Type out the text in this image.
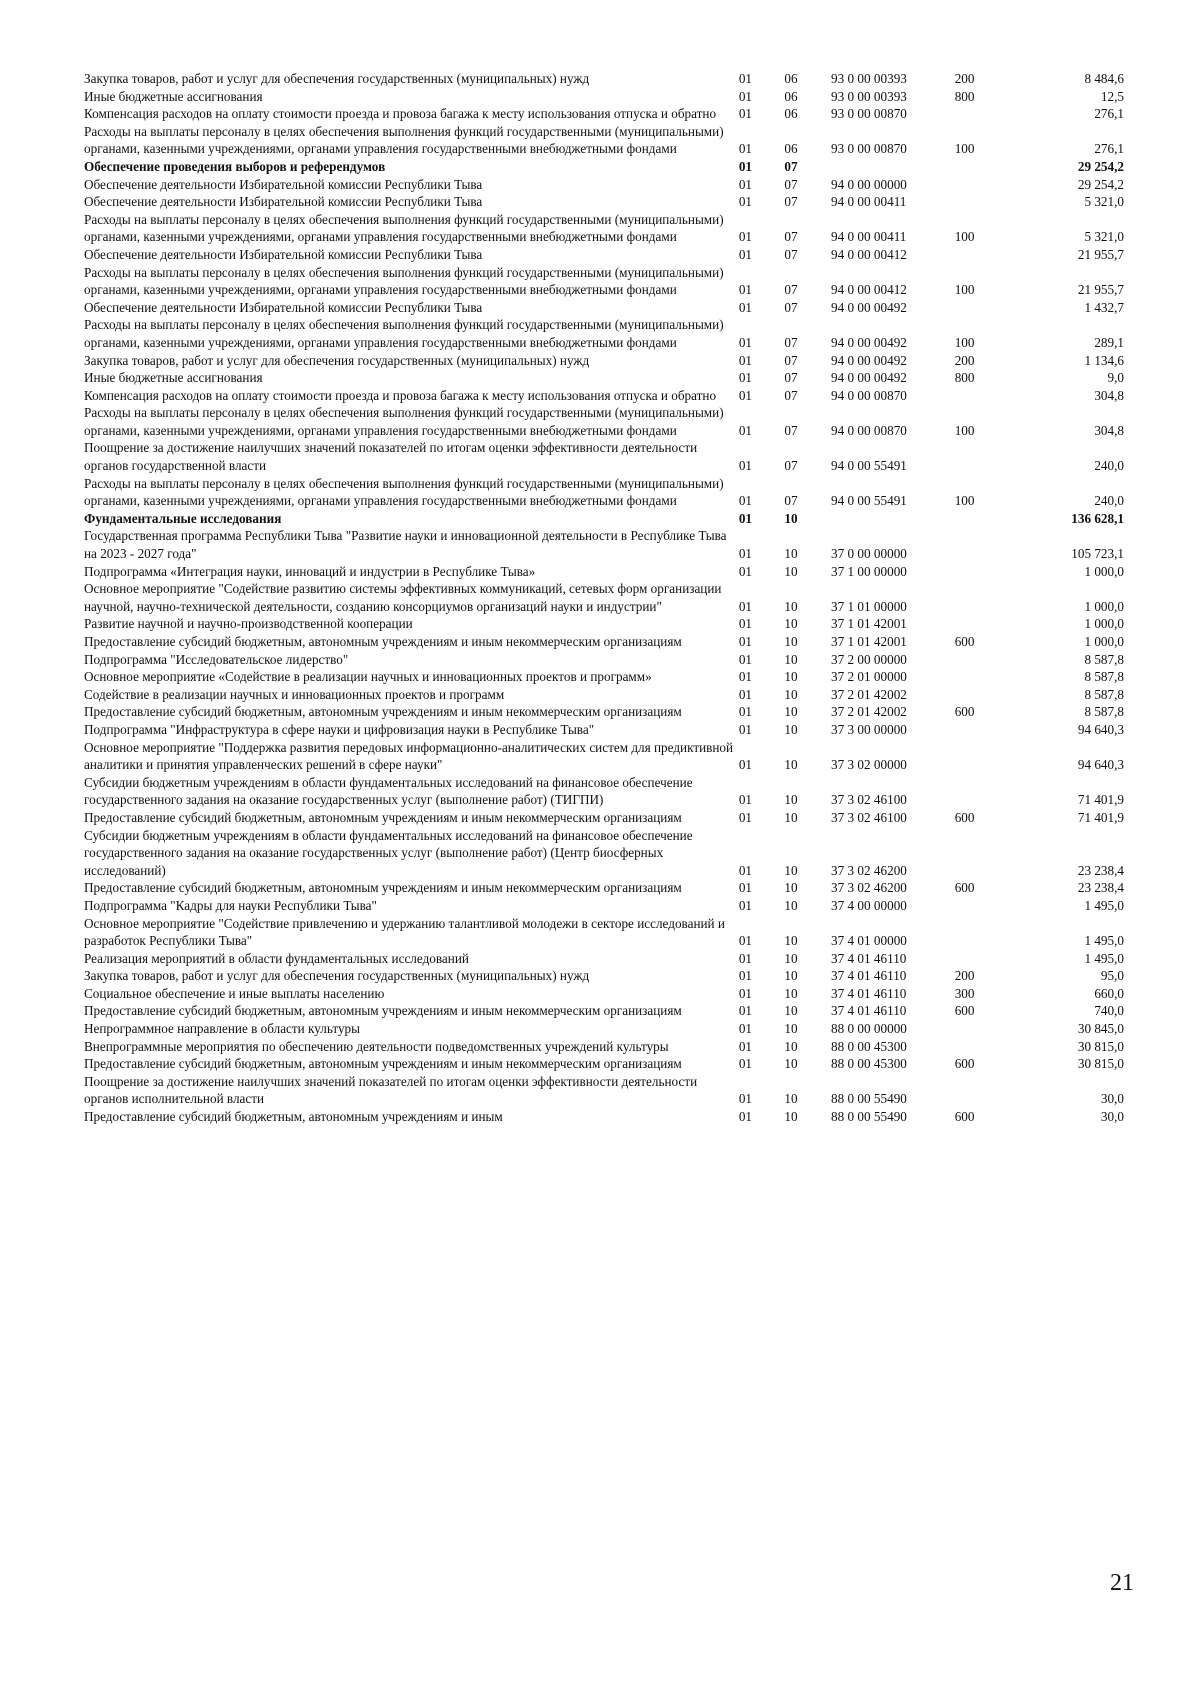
Закупка товаров, работ и услуг для обеспечения государственных (муниципальных) нужд	01	06	93 0 00 00393	200	8 484,6
Иные бюджетные ассигнования	01	06	93 0 00 00393	800	12,5
Компенсация расходов на оплату стоимости проезда и провоза багажа к месту использования отпуска и обратно	01	06	93 0 00 00870		276,1
Расходы на выплаты персоналу в целях обеспечения выполнения функций государственными (муниципальными) органами, казенными учреждениями, органами управления государственными внебюджетными фондами	01	06	93 0 00 00870	100	276,1
Обеспечение проведения выборов и референдумов	01	07			29 254,2
Обеспечение деятельности Избирательной комиссии Республики Тыва	01	07	94 0 00 00000		29 254,2
Обеспечение деятельности Избирательной комиссии Республики Тыва	01	07	94 0 00 00411		5 321,0
Расходы на выплаты персоналу в целях обеспечения выполнения функций государственными (муниципальными) органами, казенными учреждениями, органами управления государственными внебюджетными фондами	01	07	94 0 00 00411	100	5 321,0
Обеспечение деятельности Избирательной комиссии Республики Тыва	01	07	94 0 00 00412		21 955,7
Расходы на выплаты персоналу в целях обеспечения выполнения функций государственными (муниципальными) органами, казенными учреждениями, органами управления государственными внебюджетными фондами	01	07	94 0 00 00412	100	21 955,7
Обеспечение деятельности Избирательной комиссии Республики Тыва	01	07	94 0 00 00492		1 432,7
Расходы на выплаты персоналу в целях обеспечения выполнения функций государственными (муниципальными) органами, казенными учреждениями, органами управления государственными внебюджетными фондами	01	07	94 0 00 00492	100	289,1
Закупка товаров, работ и услуг для обеспечения государственных (муниципальных) нужд	01	07	94 0 00 00492	200	1 134,6
Иные бюджетные ассигнования	01	07	94 0 00 00492	800	9,0
Компенсация расходов на оплату стоимости проезда и провоза багажа к месту использования отпуска и обратно	01	07	94 0 00 00870		304,8
Расходы на выплаты персоналу в целях обеспечения выполнения функций государственными (муниципальными) органами, казенными учреждениями, органами управления государственными внебюджетными фондами	01	07	94 0 00 00870	100	304,8
Поощрение за достижение наилучших значений показателей по итогам оценки эффективности деятельности органов государственной власти	01	07	94 0 00 55491		240,0
Расходы на выплаты персоналу в целях обеспечения выполнения функций государственными (муниципальными) органами, казенными учреждениями, органами управления государственными внебюджетными фондами	01	07	94 0 00 55491	100	240,0
Фундаментальные исследования	01	10			136 628,1
Государственная программа Республики Тыва "Развитие науки и инновационной деятельности в Республике Тыва на 2023 - 2027 года"	01	10	37 0 00 00000		105 723,1
Подпрограмма «Интеграция науки, инноваций и индустрии в Республике Тыва»	01	10	37 1 00 00000		1 000,0
Основное мероприятие "Содействие развитию системы эффективных коммуникаций, сетевых форм организации научной, научно-технической деятельности, созданию консорциумов организаций науки и индустрии"	01	10	37 1 01 00000		1 000,0
Развитие научной и научно-производственной кооперации	01	10	37 1 01 42001		1 000,0
Предоставление субсидий бюджетным, автономным учреждениям и иным некоммерческим организациям	01	10	37 1 01 42001	600	1 000,0
Подпрограмма "Исследовательское лидерство"	01	10	37 2 00 00000		8 587,8
Основное мероприятие «Содействие в реализации научных и инновационных проектов и программ»	01	10	37 2 01 00000		8 587,8
Содействие в реализации научных и инновационных проектов и программ	01	10	37 2 01 42002		8 587,8
Предоставление субсидий бюджетным, автономным учреждениям и иным некоммерческим организациям	01	10	37 2 01 42002	600	8 587,8
Подпрограмма "Инфраструктура в сфере науки и цифровизация науки в Республике Тыва"	01	10	37 3 00 00000		94 640,3
Основное мероприятие "Поддержка развития передовых информационно-аналитических систем для предиктивной аналитики и принятия управленческих решений в сфере науки"	01	10	37 3 02 00000		94 640,3
Субсидии бюджетным учреждениям в области фундаментальных исследований на финансовое обеспечение государственного задания на оказание государственных услуг (выполнение работ) (ТИГПИ)	01	10	37 3 02 46100		71 401,9
Предоставление субсидий бюджетным, автономным учреждениям и иным некоммерческим организациям	01	10	37 3 02 46100	600	71 401,9
Субсидии бюджетным учреждениям в области фундаментальных исследований на финансовое обеспечение государственного задания на оказание государственных услуг (выполнение работ) (Центр биосферных исследований)	01	10	37 3 02 46200		23 238,4
Предоставление субсидий бюджетным, автономным учреждениям и иным некоммерческим организациям	01	10	37 3 02 46200	600	23 238,4
Подпрограмма "Кадры для науки Республики Тыва"	01	10	37 4 00 00000		1 495,0
Основное мероприятие "Содействие привлечению и удержанию талантливой молодежи в секторе исследований и разработок Республики Тыва"	01	10	37 4 01 00000		1 495,0
Реализация мероприятий в области фундаментальных исследований	01	10	37 4 01 46110		1 495,0
Закупка товаров, работ и услуг для обеспечения государственных (муниципальных) нужд	01	10	37 4 01 46110	200	95,0
Социальное обеспечение и иные выплаты населению	01	10	37 4 01 46110	300	660,0
Предоставление субсидий бюджетным, автономным учреждениям и иным некоммерческим организациям	01	10	37 4 01 46110	600	740,0
Непрограммное направление в области культуры	01	10	88 0 00 00000		30 845,0
Внепрограммные мероприятия по обеспечению деятельности подведомственных учреждений культуры	01	10	88 0 00 45300		30 815,0
Предоставление субсидий бюджетным, автономным учреждениям и иным некоммерческим организациям	01	10	88 0 00 45300	600	30 815,0
Поощрение за достижение наилучших значений показателей по итогам оценки эффективности деятельности органов исполнительной власти	01	10	88 0 00 55490		30,0
Предоставление субсидий бюджетным, автономным учреждениям и иным	01	10	88 0 00 55490	600	30,0
21
